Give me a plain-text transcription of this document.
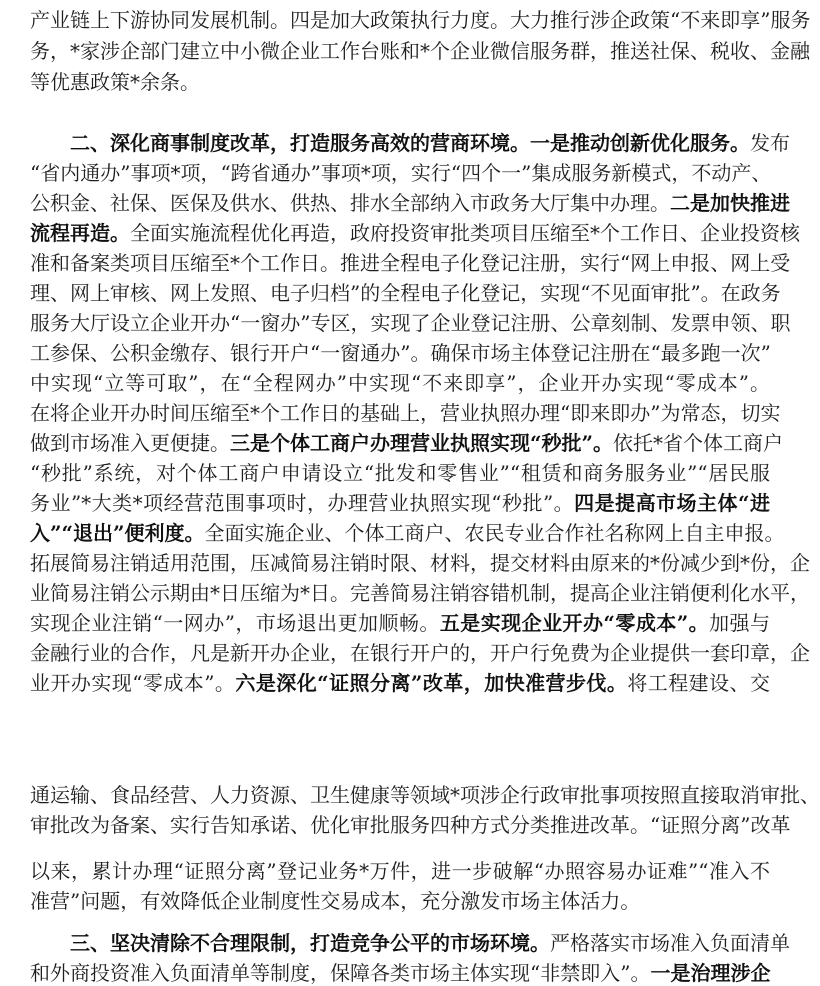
产业链上下游协同发展机制。四是加大政策执行力度。大力推行涉企政策“不来即享”服务
务，*家涉企部门建立中小微企业工作台账和*个企业微信服务群，推送社保、税收、金融
等优惠政策*余条。
二、深化商事制度改革，打造服务高效的营商环境。一是推动创新优化服务。发布
“省内通办”事项*项，“跨省通办”事项*项，实行“四个一”集成服务新模式，不动产、
公积金、社保、医保及供水、供热、排水全部纳入市政务大厅集中办理。二是加快推进
流程再造。全面实施流程优化再造，政府投资审批类项目压缩至*个工作日、企业投资核
准和备案类项目压缩至*个工作日。推进全程电子化登记注册，实行“网上申报、网上受
理、网上审核、网上发照、电子归档”的全程电子化登记，实现“不见面审批”。在政务
服务大厅设立企业开办“一窗办”专区，实现了企业登记注册、公章刻制、发票申领、职
工参保、公积金缴存、银行开户“一窗通办”。确保市场主体登记注册在“最多跑一次”
中实现“立等可取”，在“全程网办”中实现“不来即享”，企业开办实现“零成本”。
在将企业开办时间压缩至*个工作日的基础上，营业执照办理“即来即办”为常态，切实
做到市场准入更便捷。三是个体工商户办理营业执照实现“秒批”。依托*省个体工商户
“秒批”系统，对个体工商户申请设立“批发和零售业”“租赁和商务服务业”“居民服
务业”*大类*项经营范围事项时，办理营业执照实现“秒批”。四是提高市场主体“进
入”“退出”便利度。全面实施企业、个体工商户、农民专业合作社名称网上自主申报。
拓展简易注销适用范围，压减简易注销时限、材料，提交材料由原来的*份减少到*份，企
业简易注销公示期由*日压缩为*日。完善简易注销容错机制，提高企业注销便利化水平，
实现企业注销“一网办”，市场退出更加顺畅。五是实现企业开办“零成本”。加强与
金融行业的合作，凡是新开办企业，在银行开户的，开户行免费为企业提供一套印章，企
业开办实现“零成本”。六是深化“证照分离”改革，加快准营步伐。将工程建设、交
通运输、食品经营、人力资源、卫生健康等领域*项涉企行政审批事项按照直接取消审批、
审批改为备案、实行告知承诺、优化审批服务四种方式分类推进改革。“证照分离”改革
以来，累计办理“证照分离”登记业务*万件，进一步破解“办照容易办证难”“准入不
准营”问题，有效降低企业制度性交易成本，充分激发市场主体活力。
三、坚决清除不合理限制，打造竞争公平的市场环境。严格落实市场准入负面清单
和外商投资准入负面清单等制度，保障各类市场主体实现“非禁即入”。一是治理涉企
